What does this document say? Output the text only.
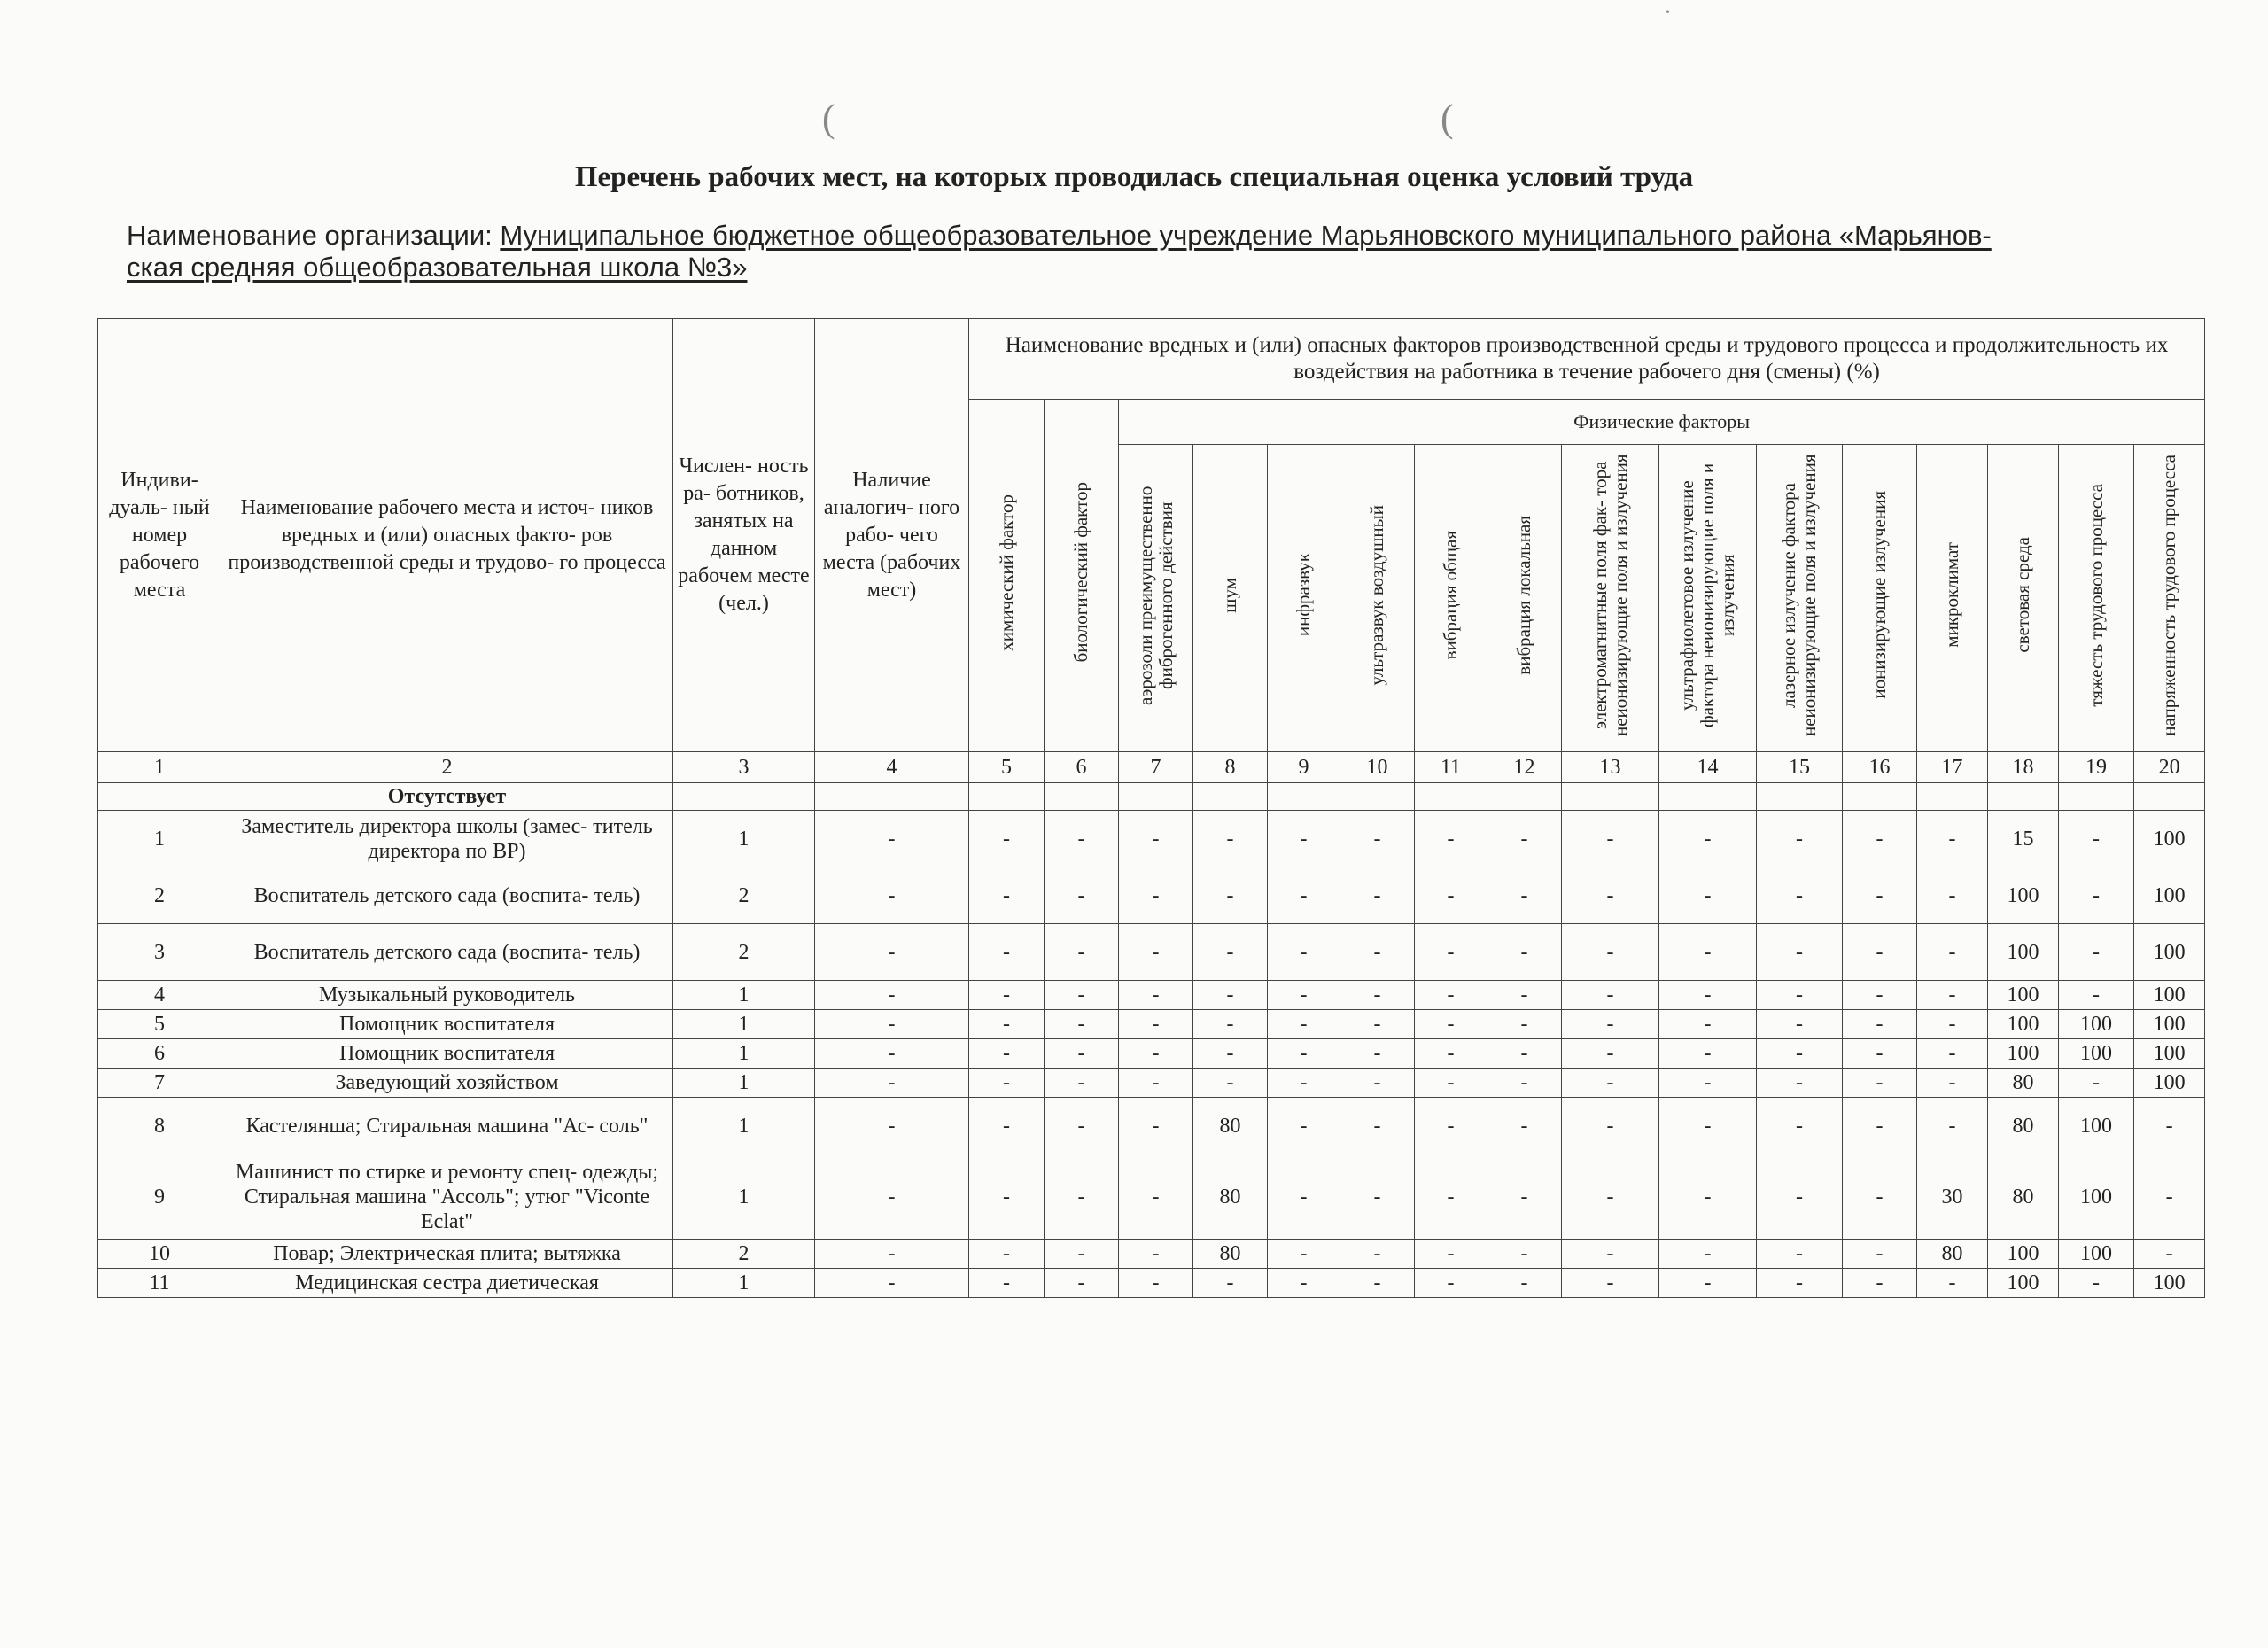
(	(
•
Перечень рабочих мест, на которых проводилась специальная оценка условий труда
Наименование организации: Муниципальное бюджетное общеобразовательное учреждение Марьяновского муниципального района «Марьянов-
ская средняя общеобразовательная школа №3»
Индиви- дуаль- ный номер рабочего места	Наименование рабочего места и источ- ников вредных и (или) опасных факто- ров производственной среды и трудово- го процесса	Числен- ность ра- ботников, занятых на данном рабочем месте (чел.)	Наличие аналогич- ного рабо- чего места (рабочих мест)	Наименование вредных и (или) опасных факторов производственной среды и трудового процесса и продолжительность их воздействия на работника в течение рабочего дня (смены) (%)															
				химический фактор	биологический фактор	Физические факторы													
						аэрозоли преимущественно фиброгенного действия	шум	инфразвук	ультразвук воздушный	вибрация общая	вибрация локальная	электромагнитные поля фак- тора неионизирующие поля и излучения	ультрафиолетовое излучение фактора неионизирующие поля и излучения	лазерное излучение фактора неионизирующие поля и излучения	ионизирующие излучения	микроклимат	световая среда	тяжесть трудового процесса	напряженность трудового процесса
1	2	3	4	5	6	7	8	9	10	11	12	13	14	15	16	17	18	19	20
	Отсутствует																		
1	Заместитель директора школы (замес- титель директора по ВР)	1	-	-	-	-	-	-	-	-	-	-	-	-	-	-	15	-	100
2	Воспитатель детского сада (воспита- тель)	2	-	-	-	-	-	-	-	-	-	-	-	-	-	-	100	-	100
3	Воспитатель детского сада (воспита- тель)	2	-	-	-	-	-	-	-	-	-	-	-	-	-	-	100	-	100
4	Музыкальный руководитель	1	-	-	-	-	-	-	-	-	-	-	-	-	-	-	100	-	100
5	Помощник воспитателя	1	-	-	-	-	-	-	-	-	-	-	-	-	-	-	100	100	100
6	Помощник воспитателя	1	-	-	-	-	-	-	-	-	-	-	-	-	-	-	100	100	100
7	Заведующий хозяйством	1	-	-	-	-	-	-	-	-	-	-	-	-	-	-	80	-	100
8	Кастелянша; Стиральная машина "Ас- соль"	1	-	-	-	-	80	-	-	-	-	-	-	-	-	-	80	100	-
9	Машинист по стирке и ремонту спец- одежды; Стиральная машина "Ассоль"; утюг "Viconte Eclat"	1	-	-	-	-	80	-	-	-	-	-	-	-	-	30	80	100	-
10	Повар; Электрическая плита; вытяжка	2	-	-	-	-	80	-	-	-	-	-	-	-	-	80	100	100	-
11	Медицинская сестра диетическая	1	-	-	-	-	-	-	-	-	-	-	-	-	-	-	100	-	100
